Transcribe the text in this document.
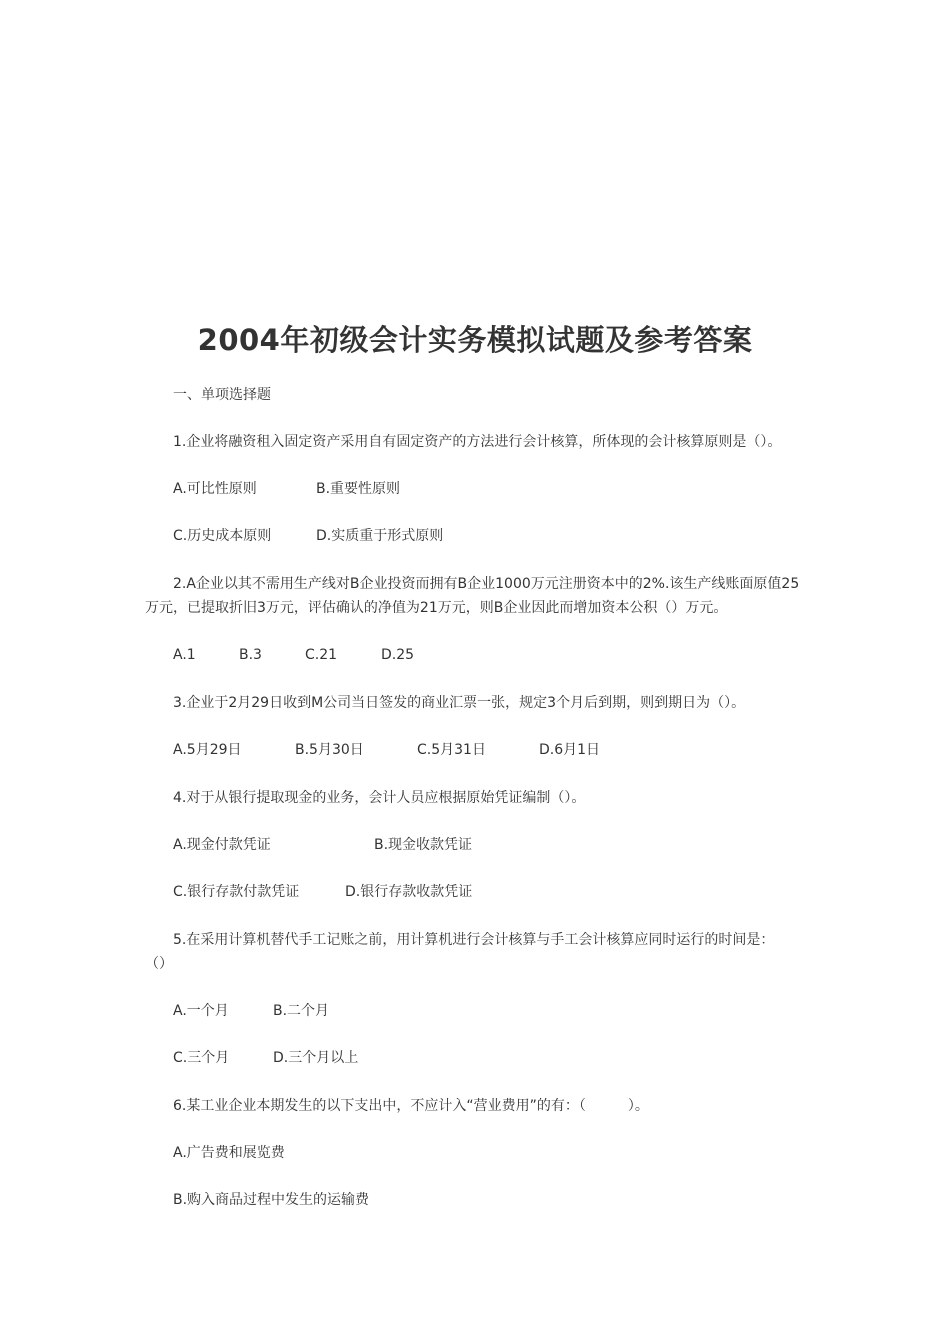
2004年初级会计实务模拟试题及参考答案
一、单项选择题

1.企业将融资租入固定资产采用自有固定资产的方法进行会计核算，所体现的会计核算原则是（）。

A.可比性原则	B.重要性原则
C.历史成本原则	D.实质重于形式原则

2.A企业以其不需用生产线对B企业投资而拥有B企业1000万元注册资本中的2%.该生产线账面原值25万元，已提取折旧3万元，评估确认的净值为21万元，则B企业因此而增加资本公积（）万元。

A.1	B.3	C.21	D.25

3.企业于2月29日收到M公司当日签发的商业汇票一张，规定3个月后到期，则到期日为（）。

A.5月29日	B.5月30日	C.5月31日	D.6月1日

4.对于从银行提取现金的业务，会计人员应根据原始凭证编制（）。

A.现金付款凭证	B.现金收款凭证
C.银行存款付款凭证	D.银行存款收款凭证

5.在采用计算机替代手工记账之前，用计算机进行会计核算与手工会计核算应同时运行的时间是：（）

A.一个月	B.二个月
C.三个月	D.三个月以上

6.某工业企业本期发生的以下支出中，不应计入“营业费用”的有：（　　　）。

A.广告费和展览费
B.购入商品过程中发生的运输费
